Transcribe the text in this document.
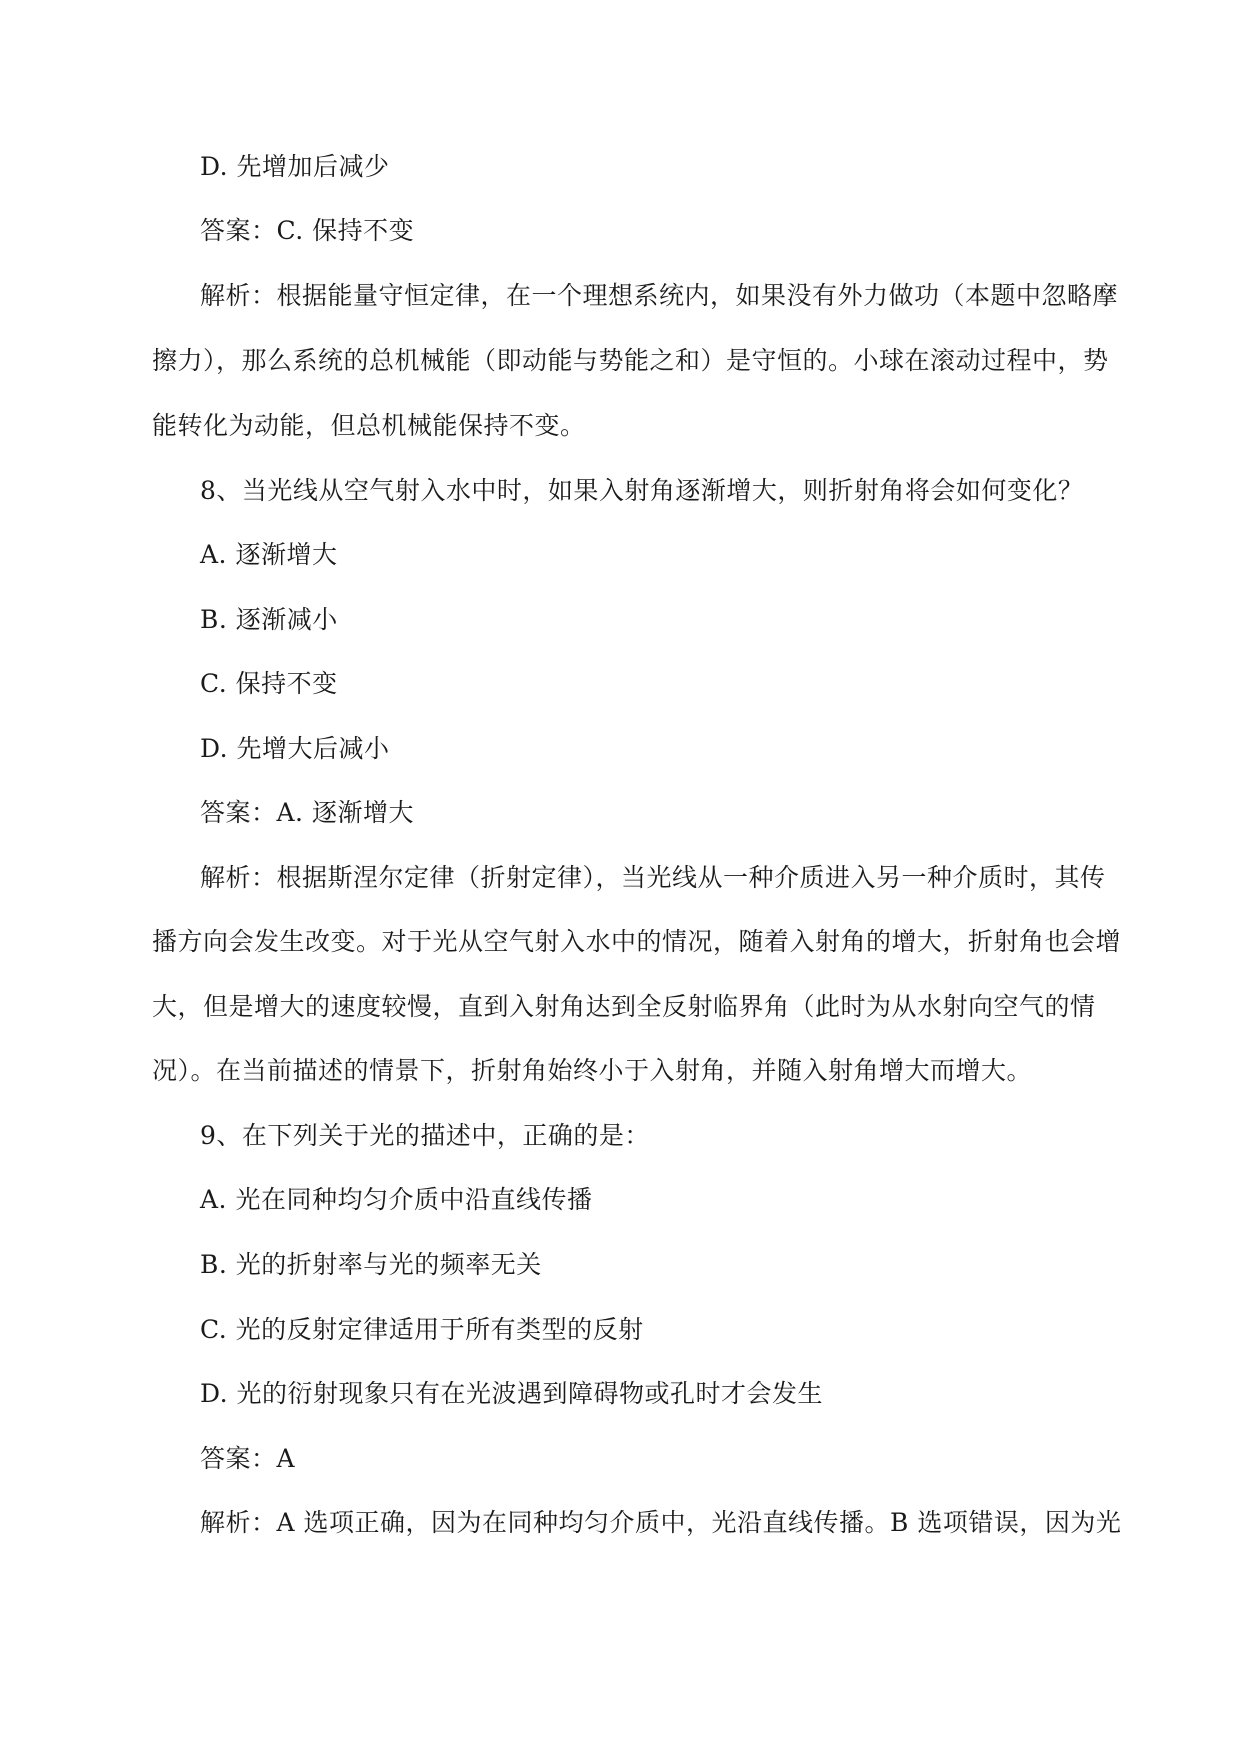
D. 先增加后减少
答案：C. 保持不变
解析：根据能量守恒定律，在一个理想系统内，如果没有外力做功（本题中忽略摩
擦力），那么系统的总机械能（即动能与势能之和）是守恒的。小球在滚动过程中，势
能转化为动能，但总机械能保持不变。
8、当光线从空气射入水中时，如果入射角逐渐增大，则折射角将会如何变化？
A. 逐渐增大
B. 逐渐减小
C. 保持不变
D. 先增大后减小
答案：A. 逐渐增大
解析：根据斯涅尔定律（折射定律），当光线从一种介质进入另一种介质时，其传
播方向会发生改变。对于光从空气射入水中的情况，随着入射角的增大，折射角也会增
大，但是增大的速度较慢，直到入射角达到全反射临界角（此时为从水射向空气的情
况）。在当前描述的情景下，折射角始终小于入射角，并随入射角增大而增大。
9、在下列关于光的描述中，正确的是：
A. 光在同种均匀介质中沿直线传播
B. 光的折射率与光的频率无关
C. 光的反射定律适用于所有类型的反射
D. 光的衍射现象只有在光波遇到障碍物或孔时才会发生
答案：A
解析：A 选项正确，因为在同种均匀介质中，光沿直线传播。B 选项错误，因为光
